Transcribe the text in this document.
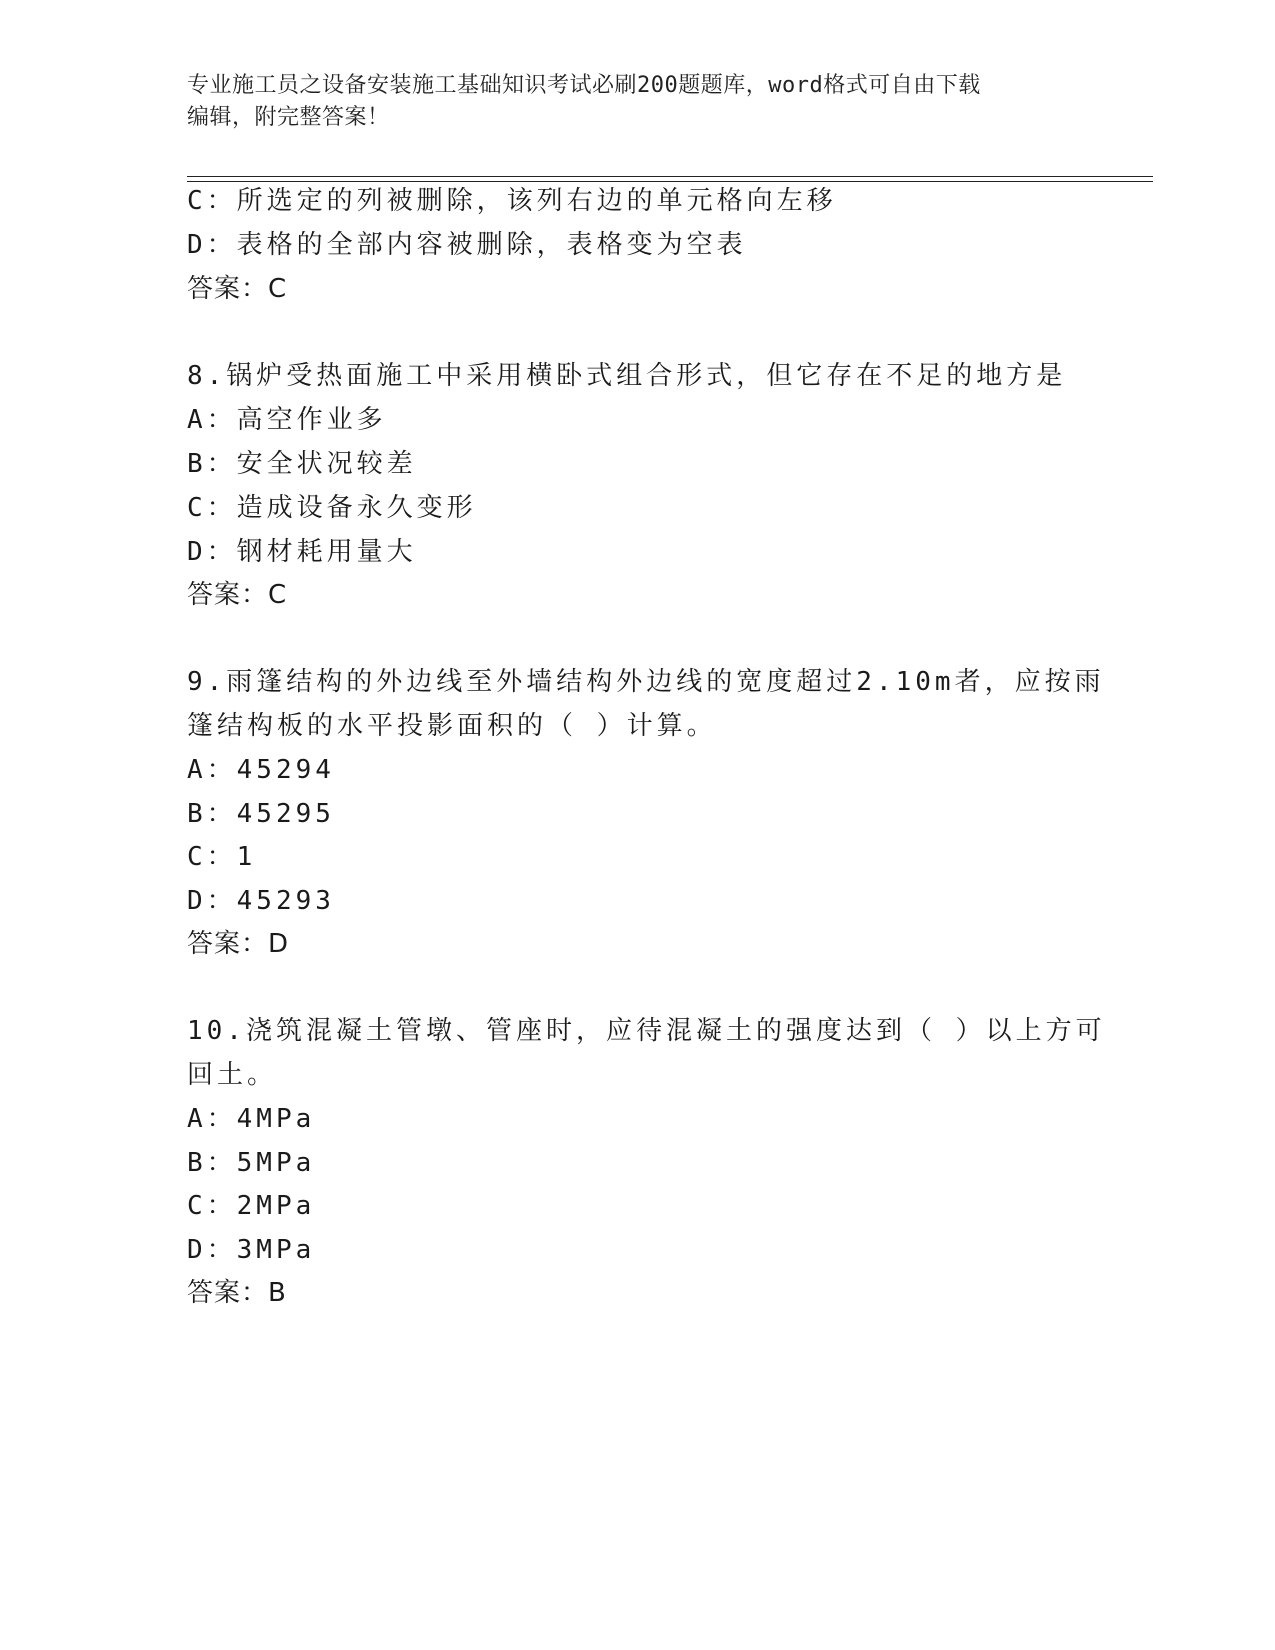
专业施工员之设备安装施工基础知识考试必刷200题题库，word格式可自由下载
编辑，附完整答案！
C：所选定的列被删除，该列右边的单元格向左移
D：表格的全部内容被删除，表格变为空表
答案：C
8.锅炉受热面施工中采用横卧式组合形式，但它存在不足的地方是
A：高空作业多
B：安全状况较差
C：造成设备永久变形
D：钢材耗用量大
答案：C
9.雨篷结构的外边线至外墙结构外边线的宽度超过2.10m者，应按雨
篷结构板的水平投影面积的（ ）计算。
A：45294
B：45295
C：1
D：45293
答案：D
10.浇筑混凝土管墩、管座时，应待混凝土的强度达到（ ）以上方可
回土。
A：4MPa
B：5MPa
C：2MPa
D：3MPa
答案：B
